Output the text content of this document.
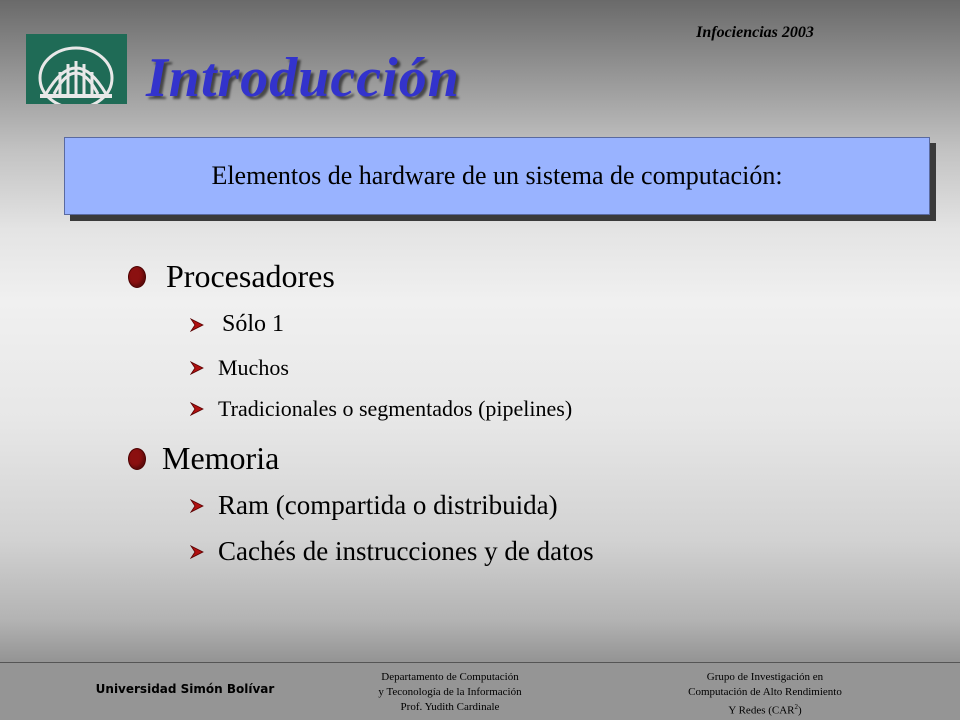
Infociencias 2003
Introducción
Elementos de hardware de un sistema de computación:
Procesadores
Sólo 1
Muchos
Tradicionales o segmentados (pipelines)
Memoria
Ram (compartida o distribuida)
Cachés de instrucciones y de datos
Universidad Simón Bolívar
Departamento de Computación
y Teconología de la Información
Prof. Yudith Cardinale
Grupo de Investigación en
Computación de Alto Rendimiento
Y Redes (CAR$^2$)
